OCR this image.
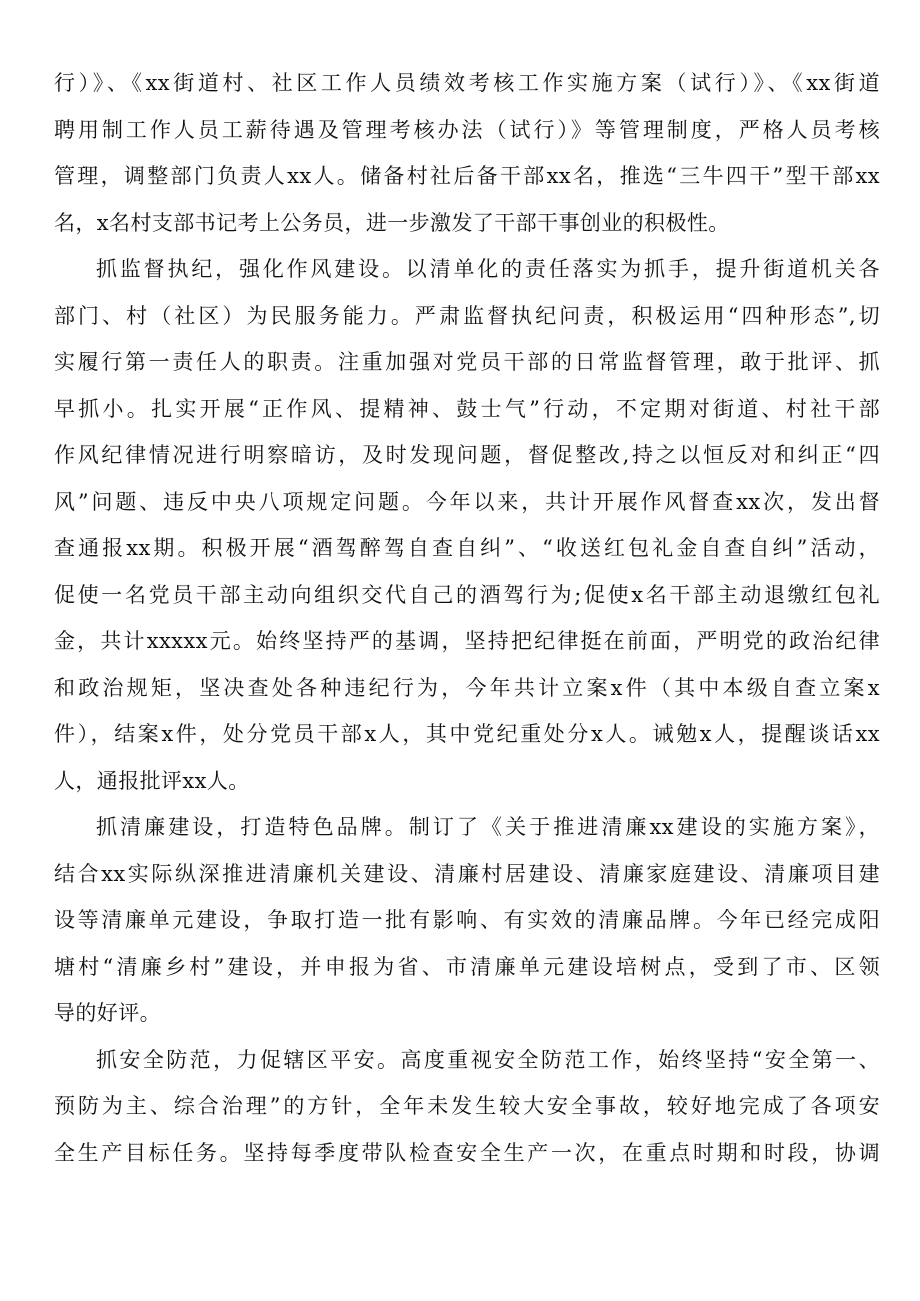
行）》、《xx街道村、社区工作人员绩效考核工作实施方案（试行）》、《xx街道
聘用制工作人员工薪待遇及管理考核办法（试行）》等管理制度，严格人员考核
管理，调整部门负责人xx人。储备村社后备干部xx名，推选“三牛四干”型干部xx
名，x名村支部书记考上公务员，进一步激发了干部干事创业的积极性。
抓监督执纪，强化作风建设。以清单化的责任落实为抓手，提升街道机关各
部门、村（社区）为民服务能力。严肃监督执纪问责，积极运用“四种形态”,切
实履行第一责任人的职责。注重加强对党员干部的日常监督管理，敢于批评、抓
早抓小。扎实开展“正作风、提精神、鼓士气”行动，不定期对街道、村社干部
作风纪律情况进行明察暗访，及时发现问题，督促整改,持之以恒反对和纠正“四
风”问题、违反中央八项规定问题。今年以来，共计开展作风督查xx次，发出督
查通报xx期。积极开展“酒驾醉驾自查自纠”、“收送红包礼金自查自纠”活动，
促使一名党员干部主动向组织交代自己的酒驾行为;促使x名干部主动退缴红包礼
金，共计xxxxx元。始终坚持严的基调，坚持把纪律挺在前面，严明党的政治纪律
和政治规矩，坚决查处各种违纪行为，今年共计立案x件（其中本级自查立案x
件），结案x件，处分党员干部x人，其中党纪重处分x人。诫勉x人，提醒谈话xx
人，通报批评xx人。
抓清廉建设，打造特色品牌。制订了《关于推进清廉xx建设的实施方案》，
结合xx实际纵深推进清廉机关建设、清廉村居建设、清廉家庭建设、清廉项目建
设等清廉单元建设，争取打造一批有影响、有实效的清廉品牌。今年已经完成阳
塘村“清廉乡村”建设，并申报为省、市清廉单元建设培树点，受到了市、区领
导的好评。
抓安全防范，力促辖区平安。高度重视安全防范工作，始终坚持“安全第一、
预防为主、综合治理”的方针，全年未发生较大安全事故，较好地完成了各项安
全生产目标任务。坚持每季度带队检查安全生产一次，在重点时期和时段，协调
